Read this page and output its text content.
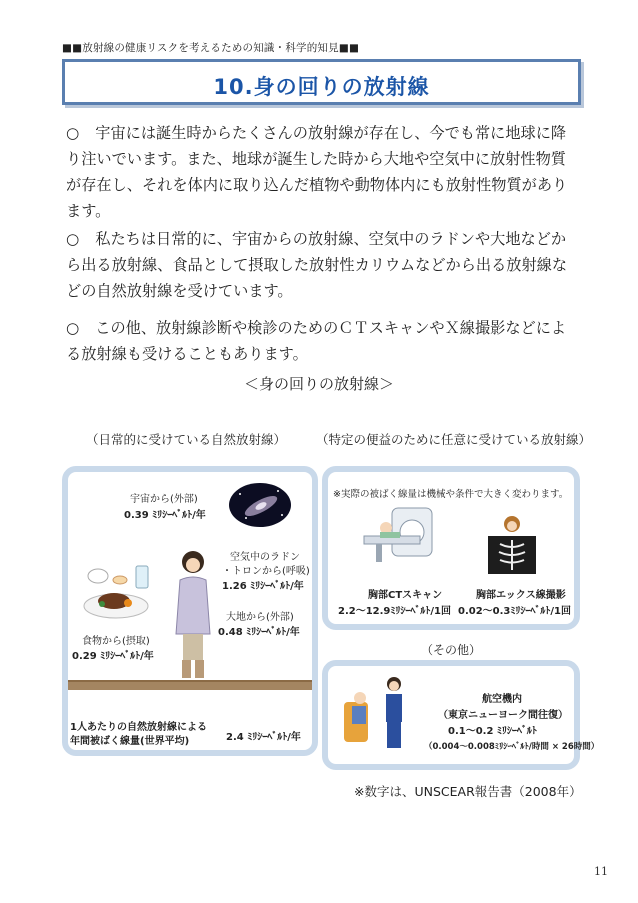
■■放射線の健康リスクを考えるための知識・科学的知見■■
10.身の回りの放射線
○ 宇宙には誕生時からたくさんの放射線が存在し、今でも常に地球に降り注いでいます。また、地球が誕生した時から大地や空気中に放射性物質が存在し、それを体内に取り込んだ植物や動物体内にも放射性物質があります。
○ 私たちは日常的に、宇宙からの放射線、空気中のラドンや大地などから出る放射線、食品として摂取した放射性カリウムなどから出る放射線などの自然放射線を受けています。
○ この他、放射線診断や検診のためのＣＴスキャンやＸ線撮影などによる放射線も受けることもあります。
＜身の回りの放射線＞
（日常的に受けている自然放射線） （特定の便益のために任意に受けている放射線）
宇宙から(外部)
0.39 ﾐﾘｼｰﾍﾞﾙﾄ/年
空気中のラドン
・トロンから(呼吸)
1.26 ﾐﾘｼｰﾍﾞﾙﾄ/年
大地から(外部)
0.48 ﾐﾘｼｰﾍﾞﾙﾄ/年
食物から(摂取)
0.29 ﾐﾘｼｰﾍﾞﾙﾄ/年
1人あたりの自然放射線による
年間被ばく線量(世界平均)	2.4 ﾐﾘｼｰﾍﾞﾙﾄ/年
※実際の被ばく線量は機械や条件で大きく変わります。
胸部CTスキャン
2.2～12.9ﾐﾘｼｰﾍﾞﾙﾄ/1回
胸部エックス線撮影
0.02～0.3ﾐﾘｼｰﾍﾞﾙﾄ/1回
（その他）
航空機内
（東京ニューヨーク間往復）
0.1～0.2 ﾐﾘｼｰﾍﾞﾙﾄ
（0.004～0.008ﾐﾘｼｰﾍﾞﾙﾄ/時間 × 26時間）
※数字は、UNSCEAR報告書（2008年）
11
